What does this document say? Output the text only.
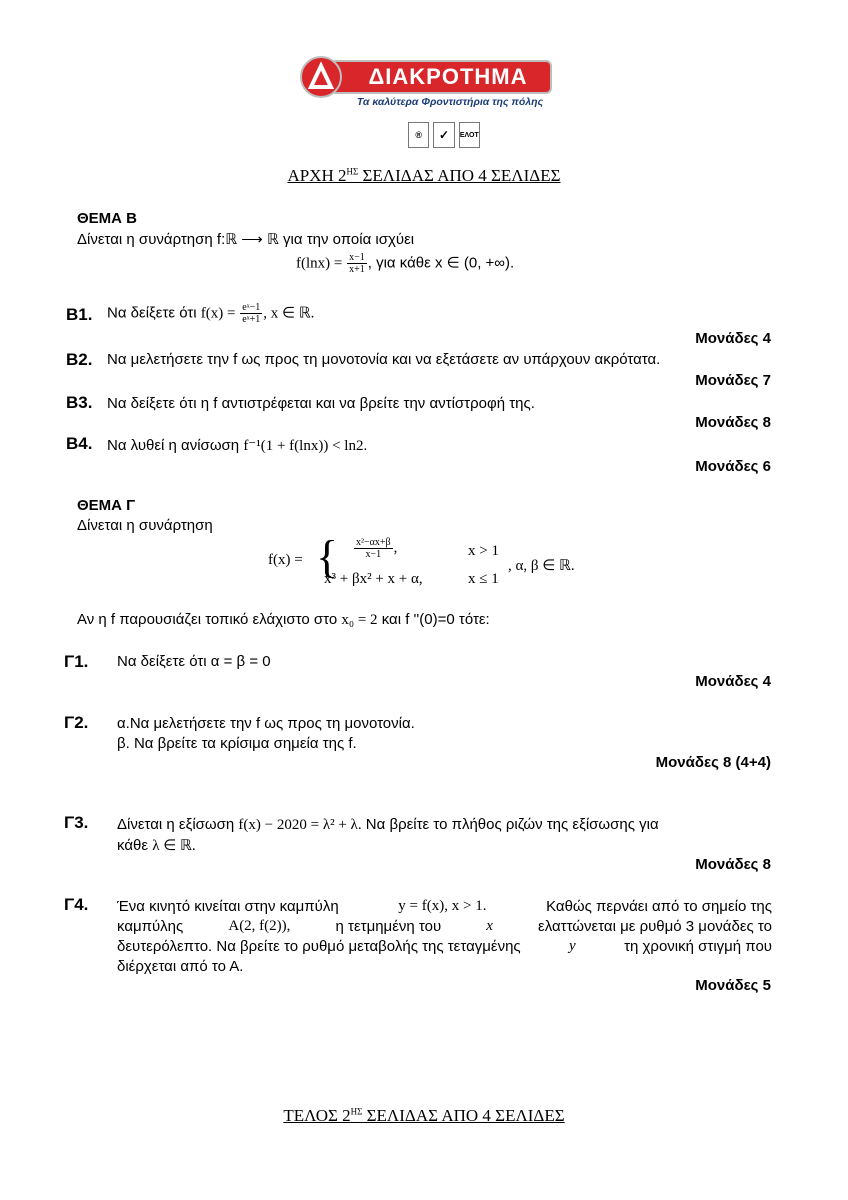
ΔΙΑΚΡΟΤΗΜΑ
Τα καλύτερα Φροντιστήρια της πόλης
®	✓	ΕΛΟΤ
ΑΡΧΗ $2^{H\Sigma}$ ΣΕΛΙΔΑΣ ΑΠΟ 4 ΣΕΛΙΔΕΣ
ΘΕΜΑ Β
Δίνεται η συνάρτηση f:ℝ ⟶ ℝ για την οποία ισχύει
$f(\ln x) = \frac{x-1}{x+1}$ , για κάθε x ∈ (0, +∞).
Β1. Να δείξετε ότι $f(x) = \frac{\text{eˣ−1}}{\text{eˣ+1}}$ , x ∈ ℝ.
Μονάδες 4
Β2. Να μελετήσετε την f ως προς τη μονοτονία και να εξετάσετε αν υπάρχουν ακρότατα.
Μονάδες 7
Β3. Να δείξετε ότι η f αντιστρέφεται και να βρείτε την αντίστροφή της.
Μονάδες 8
Β4. Να λυθεί η ανίσωση f⁻¹(1 + f(lnx)) < ln2.
Μονάδες 6
ΘΕΜΑ Γ
Δίνεται η συνάρτηση
f(x) = { $\frac{\text{x²−αx+β}}{x-1}$ ,	x > 1
x³ + βx² + x + α,	x ≤ 1
, α, β ∈ ℝ.
Αν η f παρουσιάζει τοπικό ελάχιστο στο x₀ = 2 και f ''(0)=0 τότε:
Γ1. Να δείξετε ότι α = β = 0
Μονάδες 4
Γ2. α.Να μελετήσετε την f ως προς τη μονοτονία.
β. Να βρείτε τα κρίσιμα σημεία της f.
Μονάδες 8 (4+4)
Γ3. Δίνεται η εξίσωση f(x) − 2020 = λ² + λ. Να βρείτε το πλήθος ριζών της εξίσωσης για
κάθε λ ∈ ℝ.
Μονάδες 8
Γ4. Ένα κινητό κινείται στην καμπύλη	y = f(x), x > 1.	Καθώς περνάει από το σημείο της
καμπύλης	A(2, f(2)),	η τετμημένη του	x	ελαττώνεται με ρυθμό 3 μονάδες το
δευτερόλεπτο. Να βρείτε το ρυθμό μεταβολής της τεταγμένης	y	τη χρονική στιγμή που
διέρχεται από το Α.
Μονάδες 5
ΤΕΛΟΣ $2^{H\Sigma}$ ΣΕΛΙΔΑΣ ΑΠΟ 4 ΣΕΛΙΔΕΣ
